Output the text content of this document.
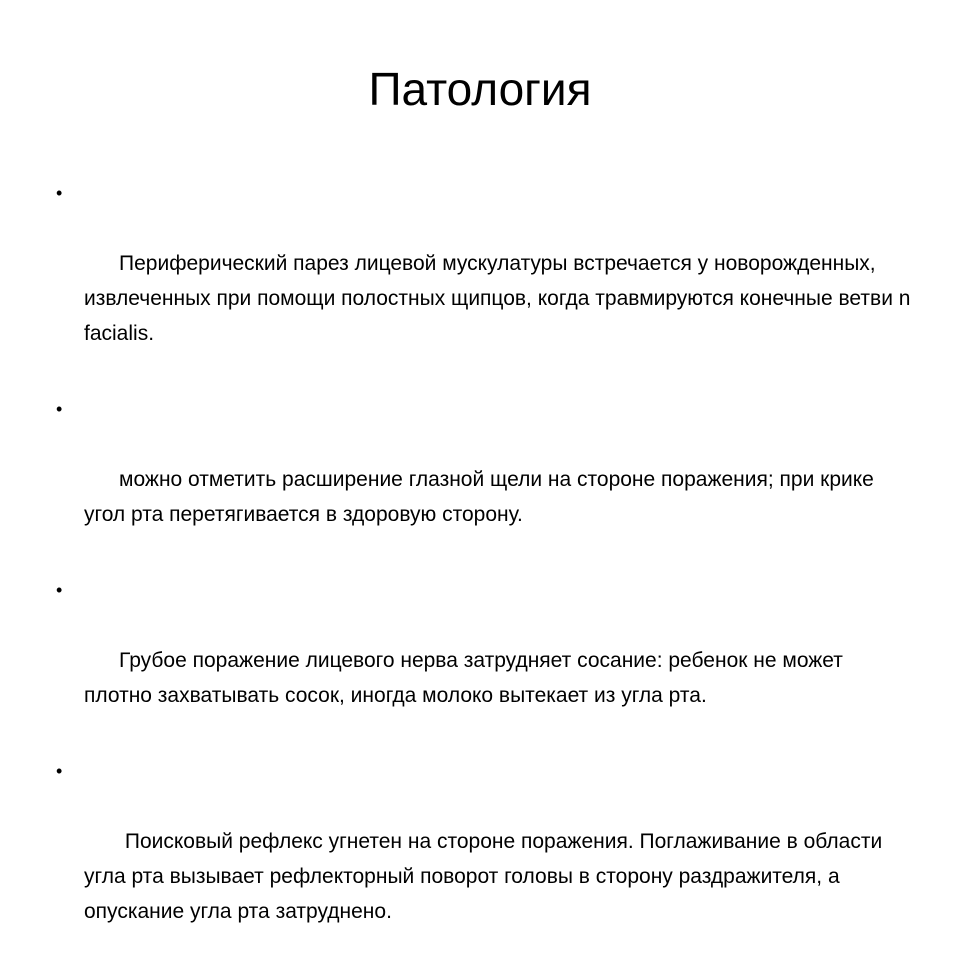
Патология

•

Периферический парез лицевой мускулатуры встречается у новорожденных, извлеченных при помощи полостных щипцов, когда травмируются конечные ветви n facialis.

•

можно отметить расширение глазной щели на стороне поражения; при крике угол рта перетягивается в здоровую сторону.

•

Грубое поражение лицевого нерва затрудняет сосание: ребенок не может плотно захватывать сосок, иногда молоко вытекает из угла рта.

•

Поисковый рефлекс угнетен на стороне поражения. Поглаживание в области угла рта вызывает рефлекторный поворот головы в сторону раздражителя, а опускание угла рта затруднено.
